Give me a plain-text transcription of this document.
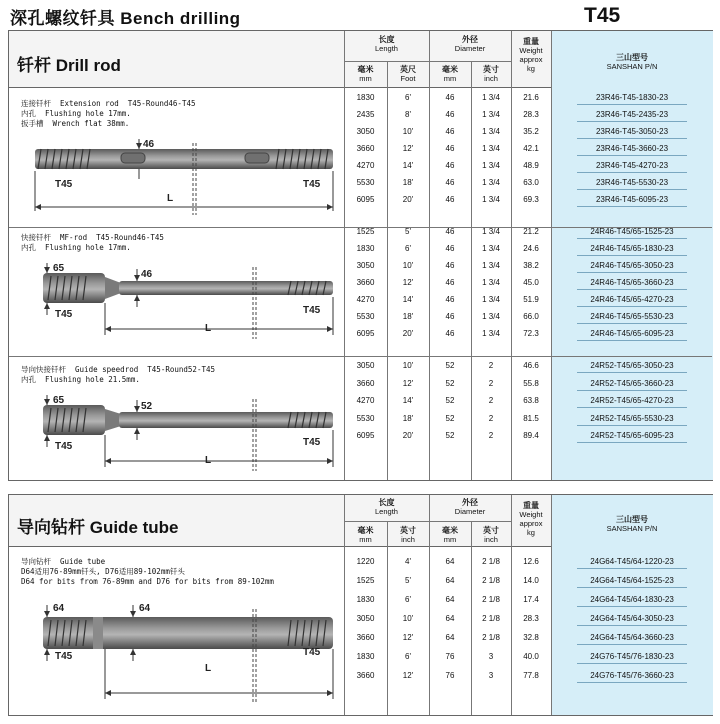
深孔螺纹钎具 Bench drilling	T45
钎杆 Drill rod
长度
Length
毫米
mm
英尺
Foot
外径
Diameter
毫米
mm
英寸
inch
重量
Weight
approx
kg
三山型号
SANSHAN P/N
连接钎杆  Extension rod  T45-Round46-T45
内孔  Flushing hole 17mm.
扳手槽  Wrench flat 38mm.
46
T45	T45
L
快接钎杆  MF-rod  T45-Round46-T45
内孔  Flushing hole 17mm.
65
46
T45	T45
L
导向快接钎杆  Guide speedrod  T45-Round52-T45
内孔  Flushing hole 21.5mm.
65
52
T45	T45
L
1830	6'	46	1 3/4	21.6	23R46-T45-1830-23
2435	8'	46	1 3/4	28.3	23R46-T45-2435-23
3050	10'	46	1 3/4	35.2	23R46-T45-3050-23
3660	12'	46	1 3/4	42.1	23R46-T45-3660-23
4270	14'	46	1 3/4	48.9	23R46-T45-4270-23
5530	18'	46	1 3/4	63.0	23R46-T45-5530-23
6095	20'	46	1 3/4	69.3	23R46-T45-6095-23
1525	5'	46	1 3/4	21.2	24R46-T45/65-1525-23
1830	6'	46	1 3/4	24.6	24R46-T45/65-1830-23
3050	10'	46	1 3/4	38.2	24R46-T45/65-3050-23
3660	12'	46	1 3/4	45.0	24R46-T45/65-3660-23
4270	14'	46	1 3/4	51.9	24R46-T45/65-4270-23
5530	18'	46	1 3/4	66.0	24R46-T45/65-5530-23
6095	20'	46	1 3/4	72.3	24R46-T45/65-6095-23
3050	10'	52	2	46.6	24R52-T45/65-3050-23
3660	12'	52	2	55.8	24R52-T45/65-3660-23
4270	14'	52	2	63.8	24R52-T45/65-4270-23
5530	18'	52	2	81.5	24R52-T45/65-5530-23
6095	20'	52	2	89.4	24R52-T45/65-6095-23
导向钻杆 Guide tube
长度
Length
毫米
mm
英寸
inch
外径
Diameter
毫米
mm
英寸
inch
重量
Weight
approx
kg
三山型号
SANSHAN P/N
导向钻杆  Guide tube
D64适用76-89mm钎头, D76适用89-102mm钎头
D64 for bits from 76-89mm and D76 for bits from 89-102mm
64	64
T45	T45
L
1220	4'	64	2 1/8	12.6	24G64-T45/64-1220-23
1525	5'	64	2 1/8	14.0	24G64-T45/64-1525-23
1830	6'	64	2 1/8	17.4	24G64-T45/64-1830-23
3050	10'	64	2 1/8	28.3	24G64-T45/64-3050-23
3660	12'	64	2 1/8	32.8	24G64-T45/64-3660-23
1830	6'	76	3	40.0	24G76-T45/76-1830-23
3660	12'	76	3	77.8	24G76-T45/76-3660-23
